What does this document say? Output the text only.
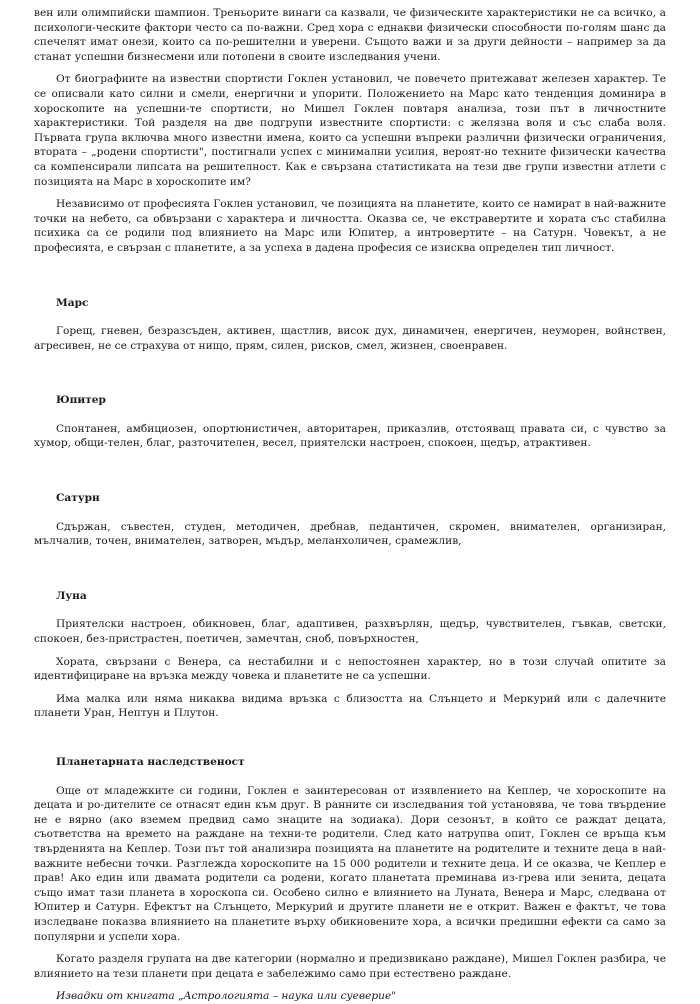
вен или олимпийски шампион. Треньорите винаги са казвали, че физическите характеристики не са всичко, а психологи-ческите фактори често са по-важни. Сред хора с еднакви физически способности по-голям шанс да спечелят имат онези, които са по-решителни и уверени. Същото важи и за други дейности – например за да станат успешни бизнесмени или потопени в своите изследвания учени.

От биографиите на известни спортисти Гоклен установил, че повечето притежават железен характер. Те се описвали като силни и смели, енергични и упорити. Положението на Марс като тенденция доминира в хороскопите на успешни-те спортисти, но Мишел Гоклен повтаря анализа, този път в личностните характеристики. Той разделя на две подгрупи известните спортисти: с желязна воля и със слаба воля. Първата група включва много известни имена, които са успешни въпреки различни физически ограничения, втората – „родени спортисти", постигнали успех с минимални усилия, вероят-но техните физически качества са компенсирали липсата на решителност. Как е свързана статистиката на тези две групи известни атлети с позицията на Марс в хороскопите им?

Независимо от професията Гоклен установил, че позицията на планетите, които се намират в най-важните точки на небето, са обвързани с характера и личността. Оказва се, че екстравертите и хората със стабилна психика са се родили под влиянието на Марс или Юпитер, а интровертите – на Сатурн. Човекът, а не професията, е свързан с планетите, а за успеха в дадена професия се изисква определен тип личност.

Марс

Горещ, гневен, безразсъден, активен, щастлив, висок дух, динамичен, енергичен, неуморен, войнствен, агресивен, не се страхува от нищо, прям, силен, рисков, смел, жизнен, своенравен.

Юпитер

Спонтанен, амбициозен, опортюнистичен, авторитарен, приказлив, отстояващ правата си, с чувство за хумор, общи-телен, благ, разточителен, весел, приятелски настроен, спокоен, щедър, атрактивен.

Сатурн

Сдържан, съвестен, студен, методичен, дребнав, педантичен, скромен, внимателен, организиран, мълчалив, точен, внимателен, затворен, мъдър, меланхоличен, срамежлив,

Луна

Приятелски настроен, обикновен, благ, адаптивен, разхвърлян, щедър, чувствителен, гъвкав, светски, спокоен, без-пристрастен, поетичен, замечтан, сноб, повърхностен,

Хората, свързани с Венера, са нестабилни и с непостоянен характер, но в този случай опитите за идентифициране на връзка между човека и планетите не са успешни.

Има малка или няма никаква видима връзка с близостта на Слънцето и Меркурий или с далечните планети Уран, Нептун и Плутон.

Планетарната наследственост

Още от младежките си години, Гоклен е заинтересован от изявлението на Кеплер, че хороскопите на децата и ро-дителите се отнасят един към друг. В ранните си изследвания той установява, че това твърдение не е вярно (ако вземем предвид само знаците на зодиака). Дори сезонът, в който се раждат децата, съответства на времето на раждане на техни-те родители. След като натрупва опит, Гоклен се връща към твърденията на Кеплер. Този път той анализира позицията на планетите на родителите и техните деца в най-важните небесни точки. Разглежда хороскопите на 15 000 родители и техните деца. И се оказва, че Кеплер е прав! Ако един или двамата родители са родени, когато планетата преминава из-грева или зенита, децата също имат тази планета в хороскопа си. Особено силно е влиянието на Луната, Венера и Марс, следвана от Юпитер и Сатурн. Ефектът на Слънцето, Меркурий и другите планети не е открит. Важен е фактът, че това изследване показва влиянието на планетите върху обикновените хора, а всички предишни ефекти са само за популярни и успели хора.

Когато разделя групата на две категории (нормално и предизвикано раждане), Мишел Гоклен разбира, че влиянието на тези планети при децата е забележимо само при естествено раждане.

Извадки от книгата „Астрологията – наука или суеверие"
